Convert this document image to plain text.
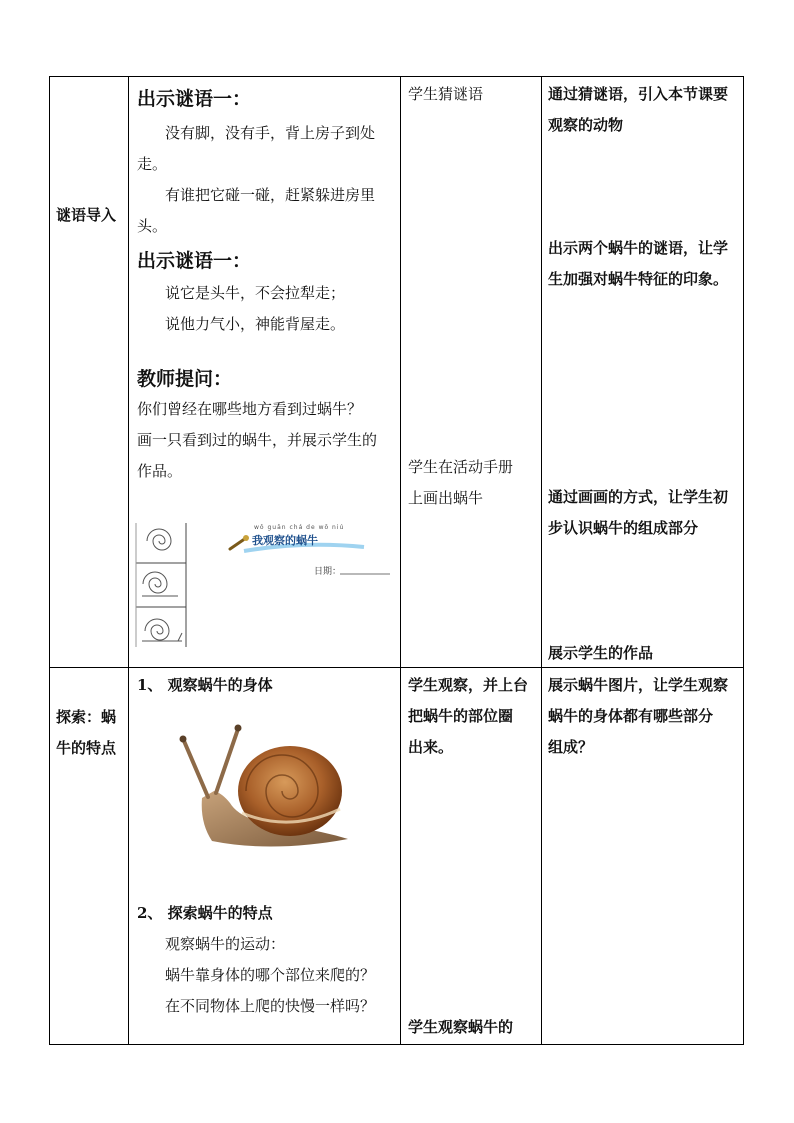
谜语导入
出示谜语一：
没有脚，没有手，背上房子到处
走。
有谁把它碰一碰，赶紧躲进房里
头。
出示谜语一：
说它是头牛，不会拉犁走；
说他力气小，神能背屋走。
教师提问：
你们曾经在哪些地方看到过蜗牛？
画一只看到过的蜗牛，并展示学生的
作品。
日期：
wǒ guān chá de wō niú
我观察的蜗牛
学生猜谜语
学生在活动手册
上画出蜗牛
通过猜谜语，引入本节课要
观察的动物
出示两个蜗牛的谜语，让学
生加强对蜗牛特征的印象。
通过画画的方式，让学生初
步认识蜗牛的组成部分
展示学生的作品
探索：蜗
牛的特点
1、 观察蜗牛的身体
2、 探索蜗牛的特点
观察蜗牛的运动：
蜗牛靠身体的哪个部位来爬的？
在不同物体上爬的快慢一样吗？
学生观察，并上台
把蜗牛的部位圈
出来。
学生观察蜗牛的
展示蜗牛图片，让学生观察
蜗牛的身体都有哪些部分
组成？
